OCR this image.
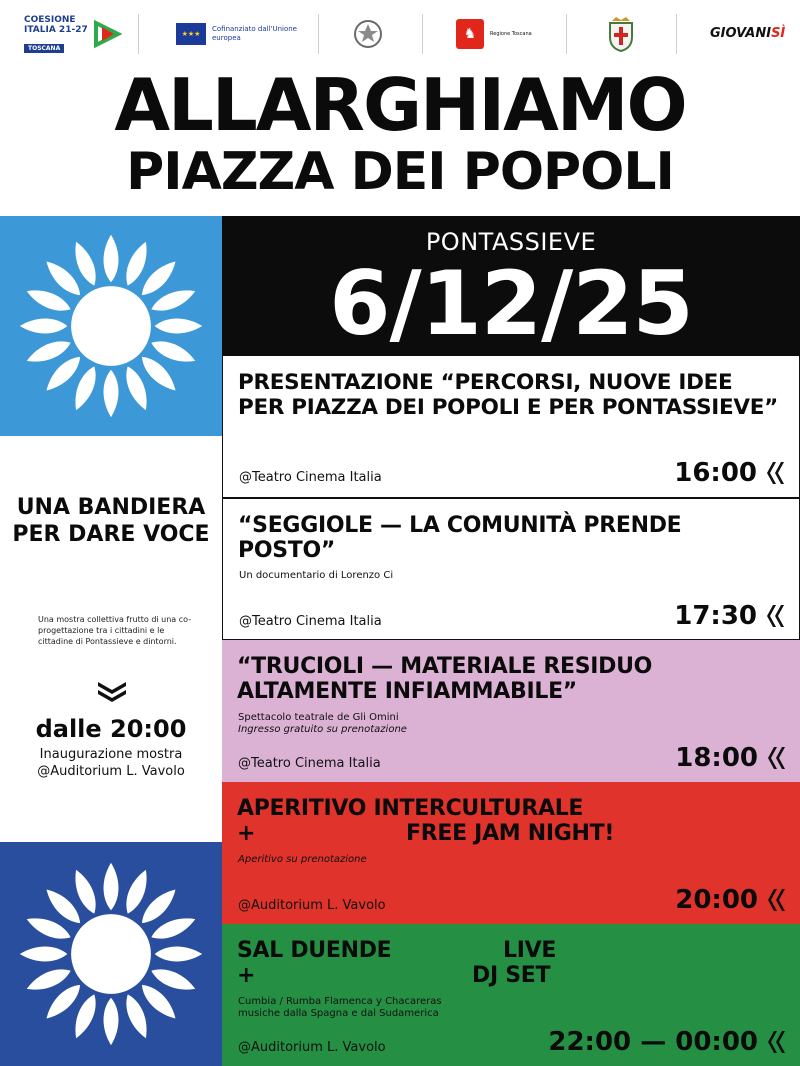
COESIONE
ITALIA 21-27
TOSCANA
★★★
Cofinanziato dall'Unione europea	♞	Regione Toscana	GIOVANI SÌ
ALLARGHIAMO
PIAZZA DEI POPOLI
UNA BANDIERA PER DARE VOCE
Una mostra collettiva frutto di una co-progettazione tra i cittadini e le cittadine di Pontassieve e dintorni.
dalle 20:00
Inaugurazione mostra
@Auditorium L. Vavolo
PONTASSIEVE
6/12/25
PRESENTAZIONE “PERCORSI, NUOVE IDEE PER PIAZZA DEI POPOLI E PER PONTASSIEVE”
@Teatro Cinema Italia	16:00
“SEGGIOLE — LA COMUNITÀ PRENDE POSTO”
Un documentario di Lorenzo Ci
@Teatro Cinema Italia	17:30
“TRUCIOLI — MATERIALE RESIDUO ALTAMENTE INFIAMMABILE”
Spettacolo teatrale de Gli Omini
Ingresso gratuito su prenotazione
@Teatro Cinema Italia	18:00
APERITIVO INTERCULTURALE
+	FREE JAM NIGHT!
Aperitivo su prenotazione
@Auditorium L. Vavolo	20:00
SAL DUENDE	LIVE
+	DJ SET
Cumbia / Rumba Flamenca y Chacareras
musiche dalla Spagna e dal Sudamerica
@Auditorium L. Vavolo	22:00 — 00:00
